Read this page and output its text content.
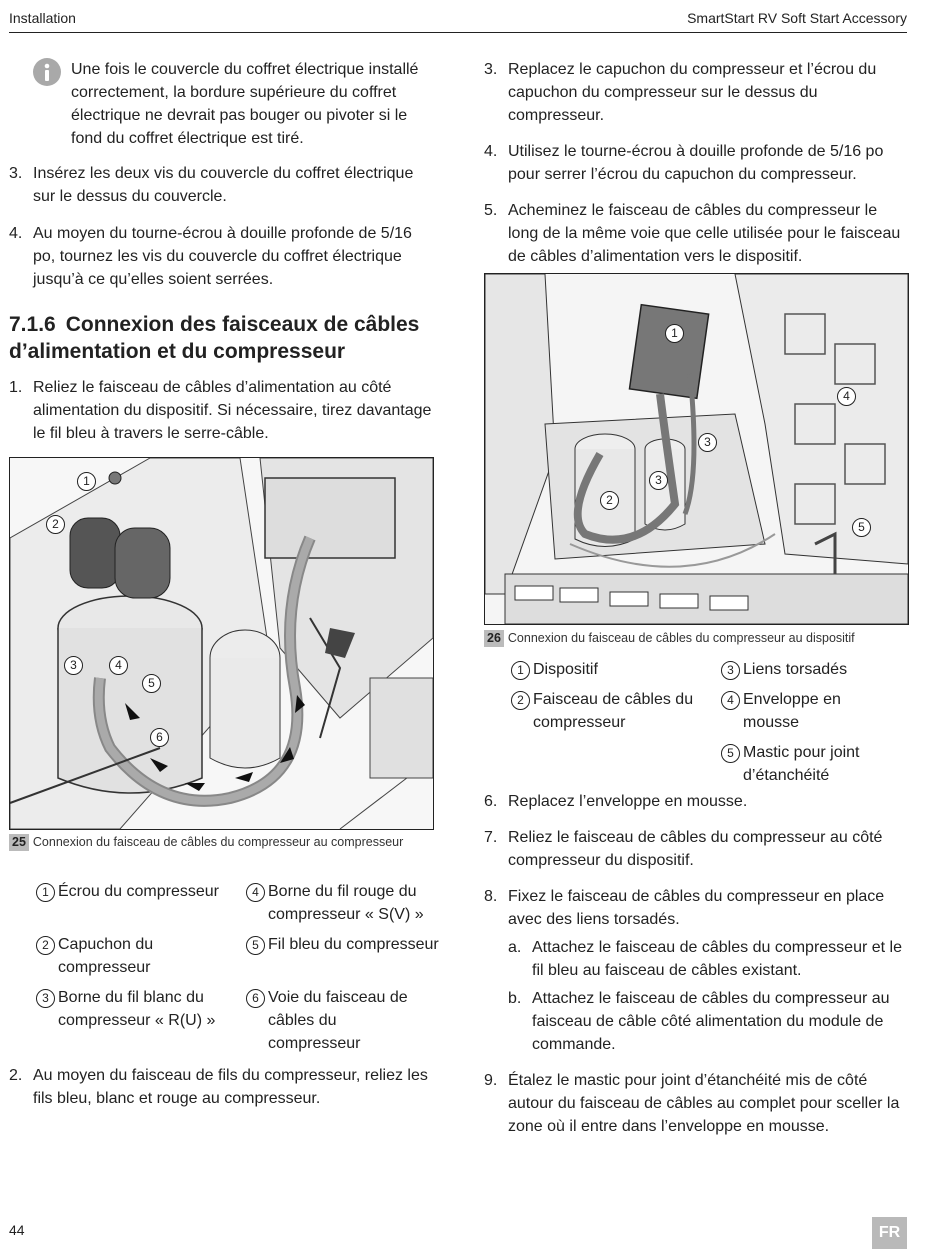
Installation	SmartStart RV Soft Start Accessory
Une fois le couvercle du coffret électrique installé correctement, la bordure supérieure du coffret électrique ne devrait pas bouger ou pivoter si le fond du coffret électrique est tiré.
3. Insérez les deux vis du couvercle du coffret électrique sur le dessus du couvercle.
4. Au moyen du tourne-écrou à douille profonde de 5/16 po, tournez les vis du couvercle du coffret électrique jusqu’à ce qu’elles soient serrées.
7.1.6 Connexion des faisceaux de câbles d’alimentation et du compresseur
1. Reliez le faisceau de câbles d’alimentation au côté alimentation du dispositif. Si nécessaire, tirez davantage le fil bleu à travers le serre-câble.
1
2
3	4
5
6
25 Connexion du faisceau de câbles du compresseur au compresseur
1 Écrou du compresseur
2 Capuchon du compresseur
3 Borne du fil blanc du compresseur « R(U) »
4 Borne du fil rouge du compresseur « S(V) »
5 Fil bleu du compresseur
6 Voie du faisceau de câbles du compresseur
2. Au moyen du faisceau de fils du compresseur, reliez les fils bleu, blanc et rouge au compresseur.
3. Replacez le capuchon du compresseur et l’écrou du capuchon du compresseur sur le dessus du compresseur.
4. Utilisez le tourne-écrou à douille profonde de 5/16 po pour serrer l’écrou du capuchon du compresseur.
5. Acheminez le faisceau de câbles du compresseur le long de la même voie que celle utilisée pour le faisceau de câbles d’alimentation vers le dispositif.
1
2
3
3
4
5
26 Connexion du faisceau de câbles du compresseur au dispositif
1 Dispositif
2 Faisceau de câbles du compresseur
3 Liens torsadés
4 Enveloppe en mousse
5 Mastic pour joint d’étanchéité
6. Replacez l’enveloppe en mousse.
7. Reliez le faisceau de câbles du compresseur au côté compresseur du dispositif.
8. Fixez le faisceau de câbles du compresseur en place avec des liens torsadés.
a. Attachez le faisceau de câbles du compresseur et le fil bleu au faisceau de câbles existant.
b. Attachez le faisceau de câbles du compresseur au faisceau de câble côté alimentation du module de commande.
9. Étalez le mastic pour joint d’étanchéité mis de côté autour du faisceau de câbles au complet pour sceller la zone où il entre dans l’enveloppe en mousse.
44	FR
